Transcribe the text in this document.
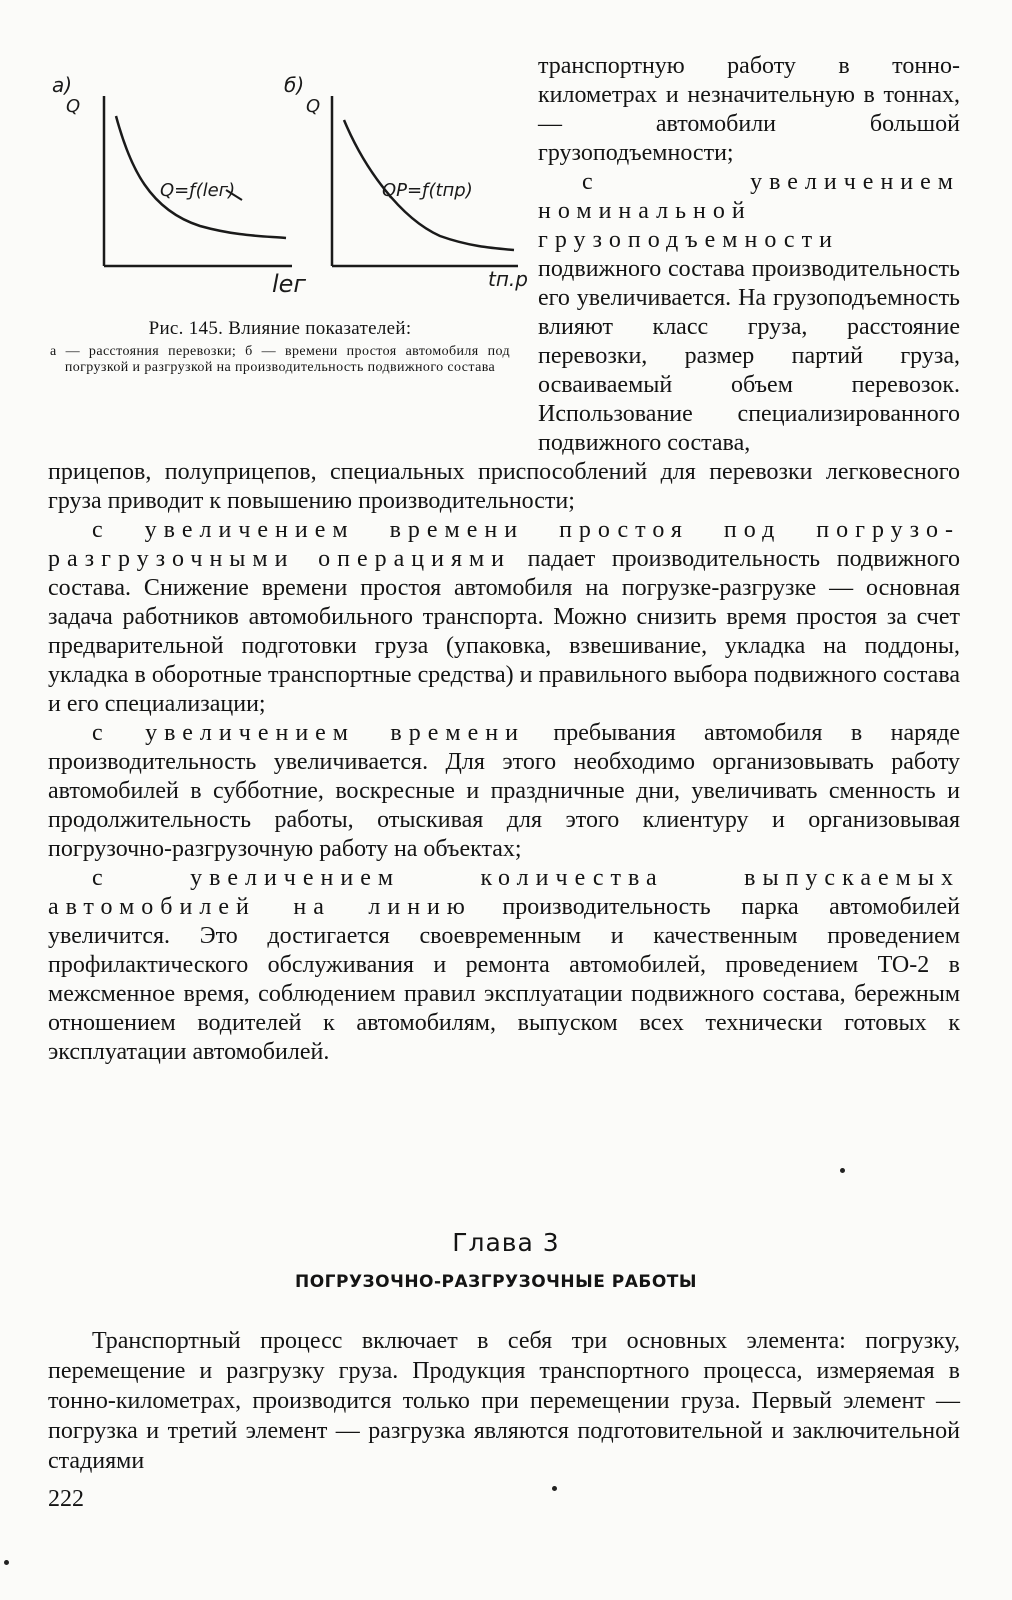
а)
Q
Q=ƒ(lег)
lег
б)
Q
QP=ƒ(tпр)
tп.р
Рис. 145. Влияние показателей:
а — расстояния перевозки; б — времени простоя автомобиля под погрузкой и разгрузкой на производительность подвижного состава

транспортную работу в тонно-километрах и незначительную в тоннах, — автомобили большой грузоподъемности;

с увеличением номинальной грузоподъемности подвижного состава производительность его увеличивается. На грузоподъемность влияют класс груза, расстояние перевозки, размер партий груза, осваиваемый объем перевозок. Использование специализированного подвижного состава,

прицепов, полуприцепов, специальных приспособлений для перевозки легковесного груза приводит к повышению производительности;

с увеличением времени простоя под погрузо-разгрузочными операциями падает производительность подвижного состава. Снижение времени простоя автомобиля на погрузке-разгрузке — основная задача работников автомобильного транспорта. Можно снизить время простоя за счет предварительной подготовки груза (упаковка, взвешивание, укладка на поддоны, укладка в оборотные транспортные средства) и правильного выбора подвижного состава и его специализации;

с увеличением времени пребывания автомобиля в наряде производительность увеличивается. Для этого необходимо организовывать работу автомобилей в субботние, воскресные и праздничные дни, увеличивать сменность и продолжительность работы, отыскивая для этого клиентуру и организовывая погрузочно-разгрузочную работу на объектах;

с увеличением количества выпускаемых автомобилей на линию производительность парка автомобилей увеличится. Это достигается своевременным и качественным проведением профилактического обслуживания и ремонта автомобилей, проведением ТО-2 в межсменное время, соблюдением правил эксплуатации подвижного состава, бережным отношением водителей к автомобилям, выпуском всех технически готовых к эксплуатации автомобилей.

Глава 3
ПОГРУЗОЧНО-РАЗГРУЗОЧНЫЕ РАБОТЫ

Транспортный процесс включает в себя три основных элемента: погрузку, перемещение и разгрузку груза. Продукция транспортного процесса, измеряемая в тонно-километрах, производится только при перемещении груза. Первый элемент — погрузка и третий элемент — разгрузка являются подготовительной и заключительной стадиями

222
